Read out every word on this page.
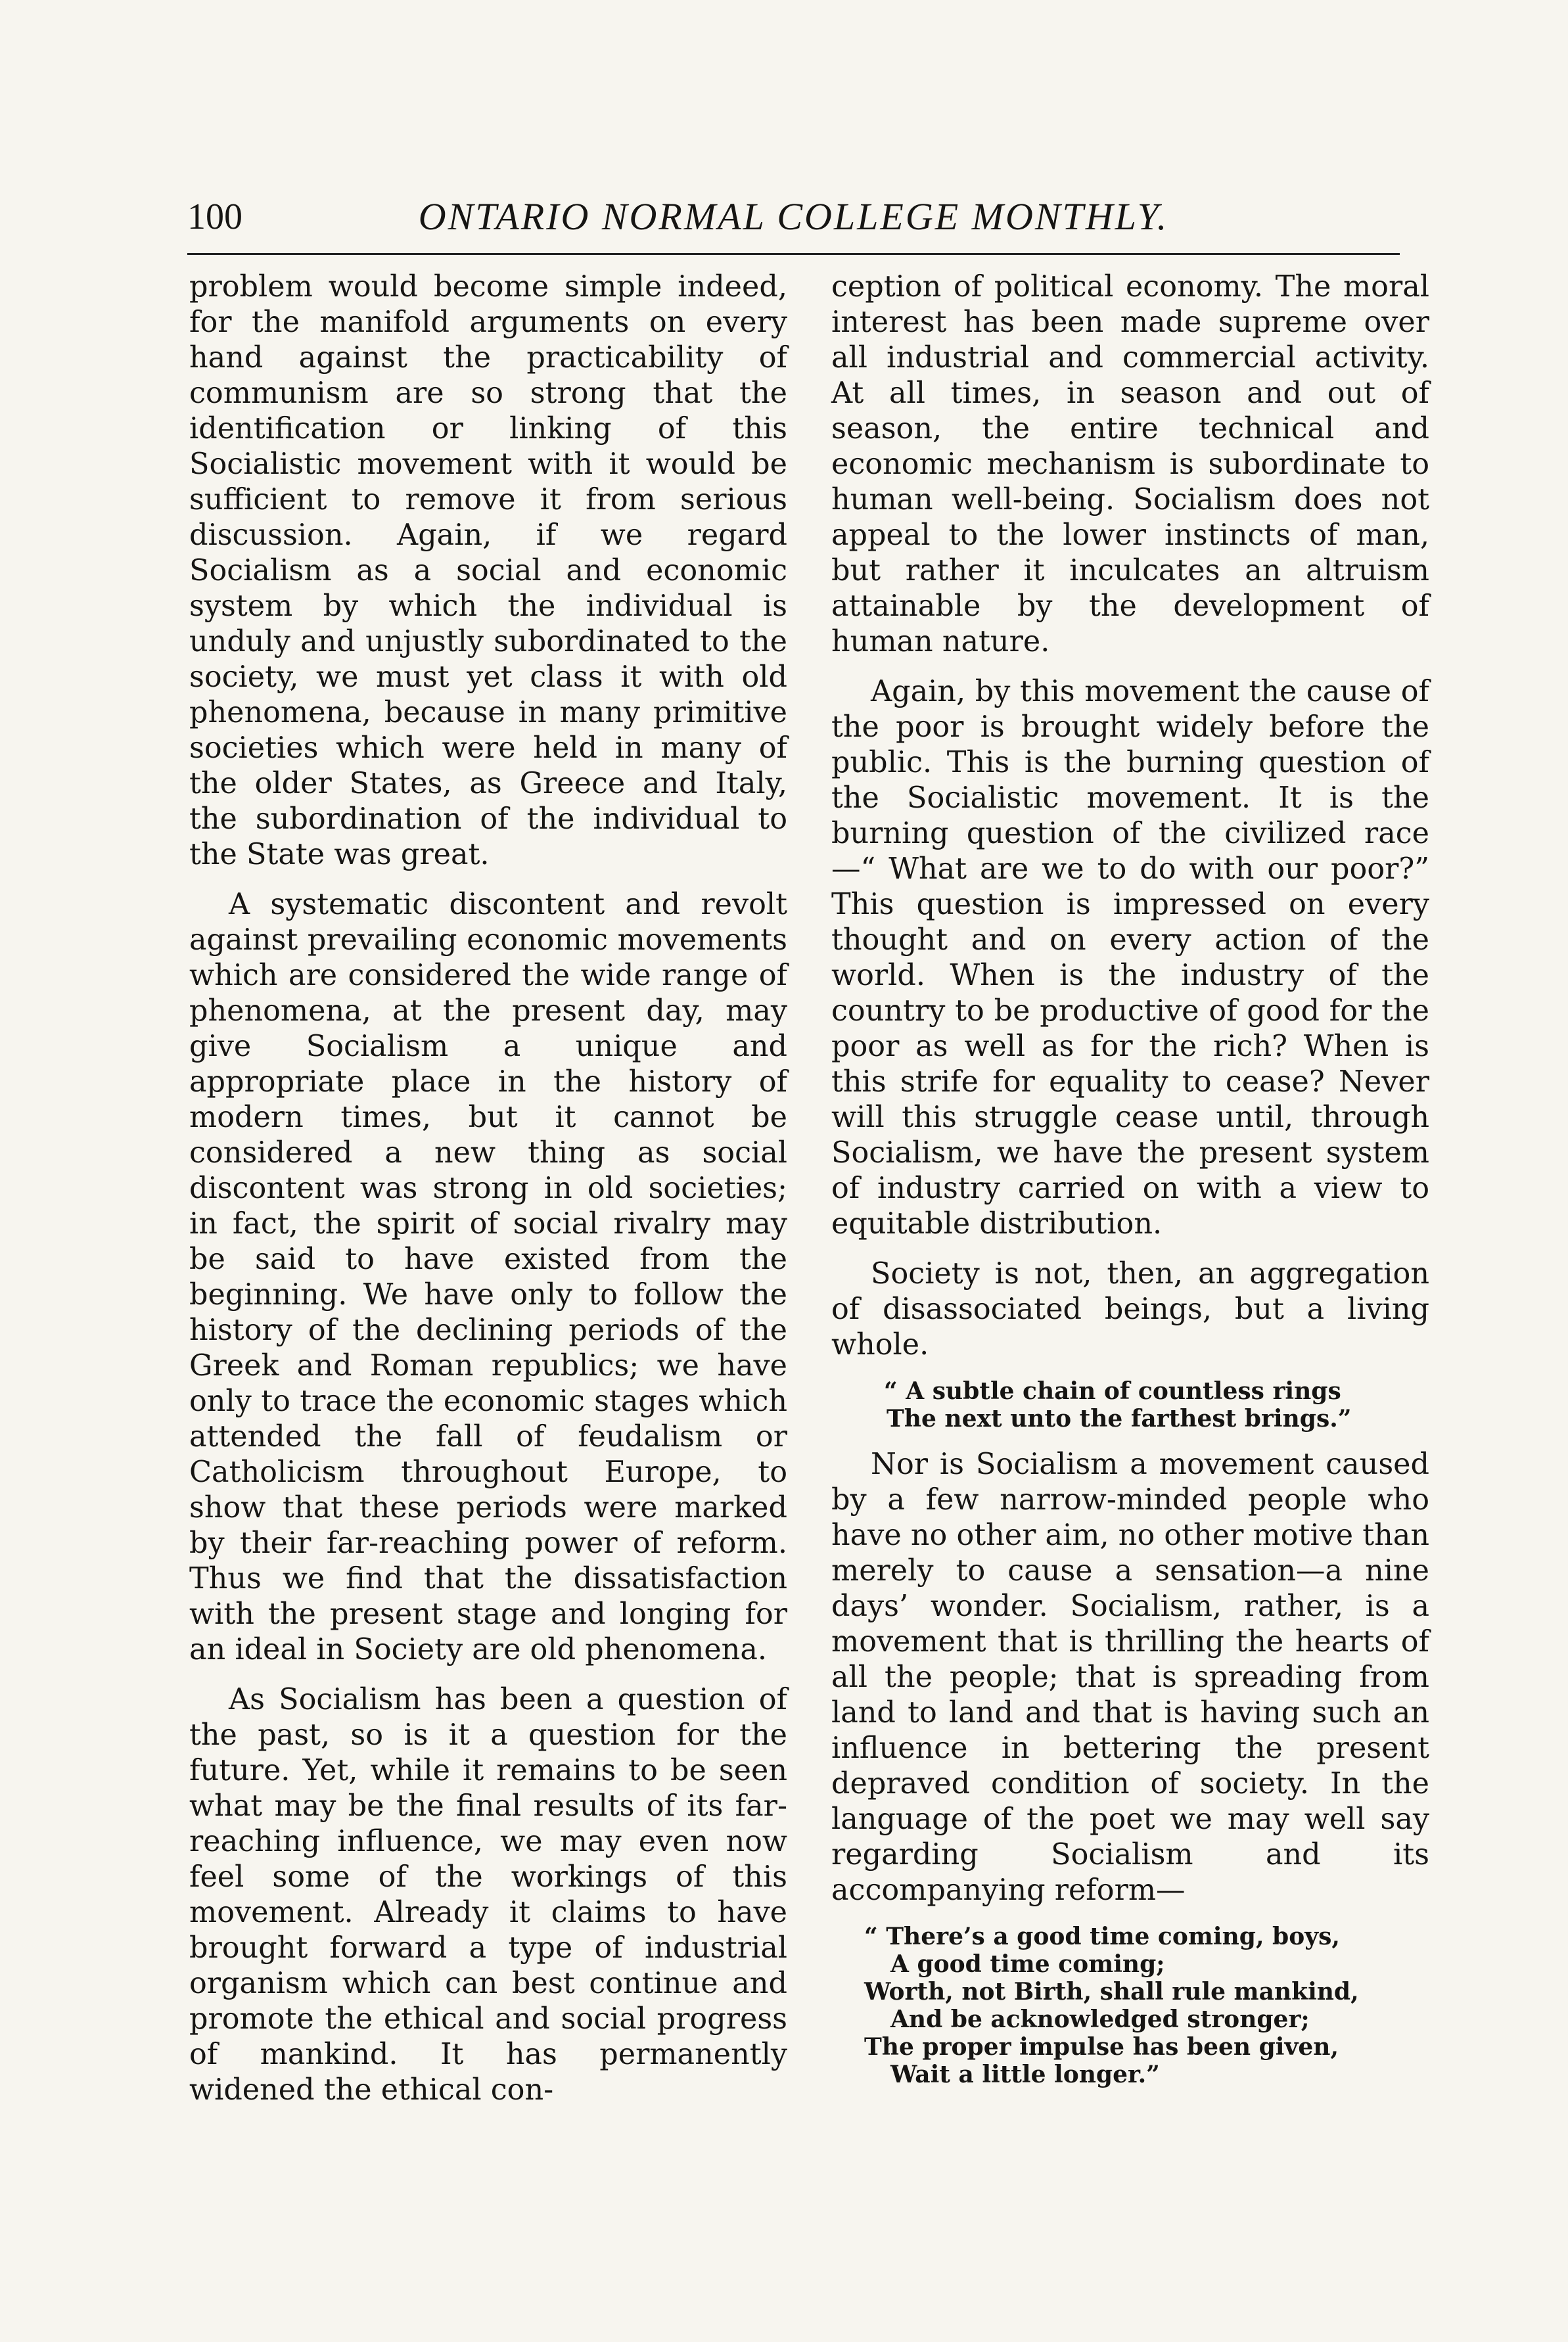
100	ONTARIO NORMAL COLLEGE MONTHLY.

problem would become simple indeed, for the manifold arguments on every hand against the practicability of communism are so strong that the identification or linking of this Socialistic movement with it would be sufficient to remove it from serious discussion. Again, if we regard Socialism as a social and economic system by which the individual is unduly and unjustly subordinated to the society, we must yet class it with old phenomena, because in many primitive societies which were held in many of the older States, as Greece and Italy, the subordination of the individual to the State was great.

A systematic discontent and revolt against prevailing economic movements which are considered the wide range of phenomena, at the present day, may give Socialism a unique and appropriate place in the history of modern times, but it cannot be considered a new thing as social discontent was strong in old societies; in fact, the spirit of social rivalry may be said to have existed from the beginning. We have only to follow the history of the declining periods of the Greek and Roman republics; we have only to trace the economic stages which attended the fall of feudalism or Catholicism throughout Europe, to show that these periods were marked by their far-reaching power of reform. Thus we find that the dissatisfaction with the present stage and longing for an ideal in Society are old phenomena.

As Socialism has been a question of the past, so is it a question for the future. Yet, while it remains to be seen what may be the final results of its far-reaching influence, we may even now feel some of the workings of this movement. Already it claims to have brought forward a type of industrial organism which can best continue and promote the ethical and social progress of mankind. It has permanently widened the ethical con-

ception of political economy. The moral interest has been made supreme over all industrial and commercial activity. At all times, in season and out of season, the entire technical and economic mechanism is subordinate to human well-being. Socialism does not appeal to the lower instincts of man, but rather it inculcates an altruism attainable by the development of human nature.

Again, by this movement the cause of the poor is brought widely before the public. This is the burning question of the Socialistic movement. It is the burning question of the civilized race—“ What are we to do with our poor?” This question is impressed on every thought and on every action of the world. When is the industry of the country to be productive of good for the poor as well as for the rich? When is this strife for equality to cease? Never will this struggle cease until, through Socialism, we have the present system of industry carried on with a view to equitable distribution.

Society is not, then, an aggregation of disassociated beings, but a living whole.

“ A subtle chain of countless rings
The next unto the farthest brings.”

Nor is Socialism a movement caused by a few narrow-minded people who have no other aim, no other motive than merely to cause a sensation—a nine days’ wonder. Socialism, rather, is a movement that is thrilling the hearts of all the people; that is spreading from land to land and that is having such an influence in bettering the present depraved condition of society. In the language of the poet we may well say regarding Socialism and its accompanying reform—

“ There’s a good time coming, boys,
A good time coming;
Worth, not Birth, shall rule mankind,
And be acknowledged stronger;
The proper impulse has been given,
Wait a little longer.”
